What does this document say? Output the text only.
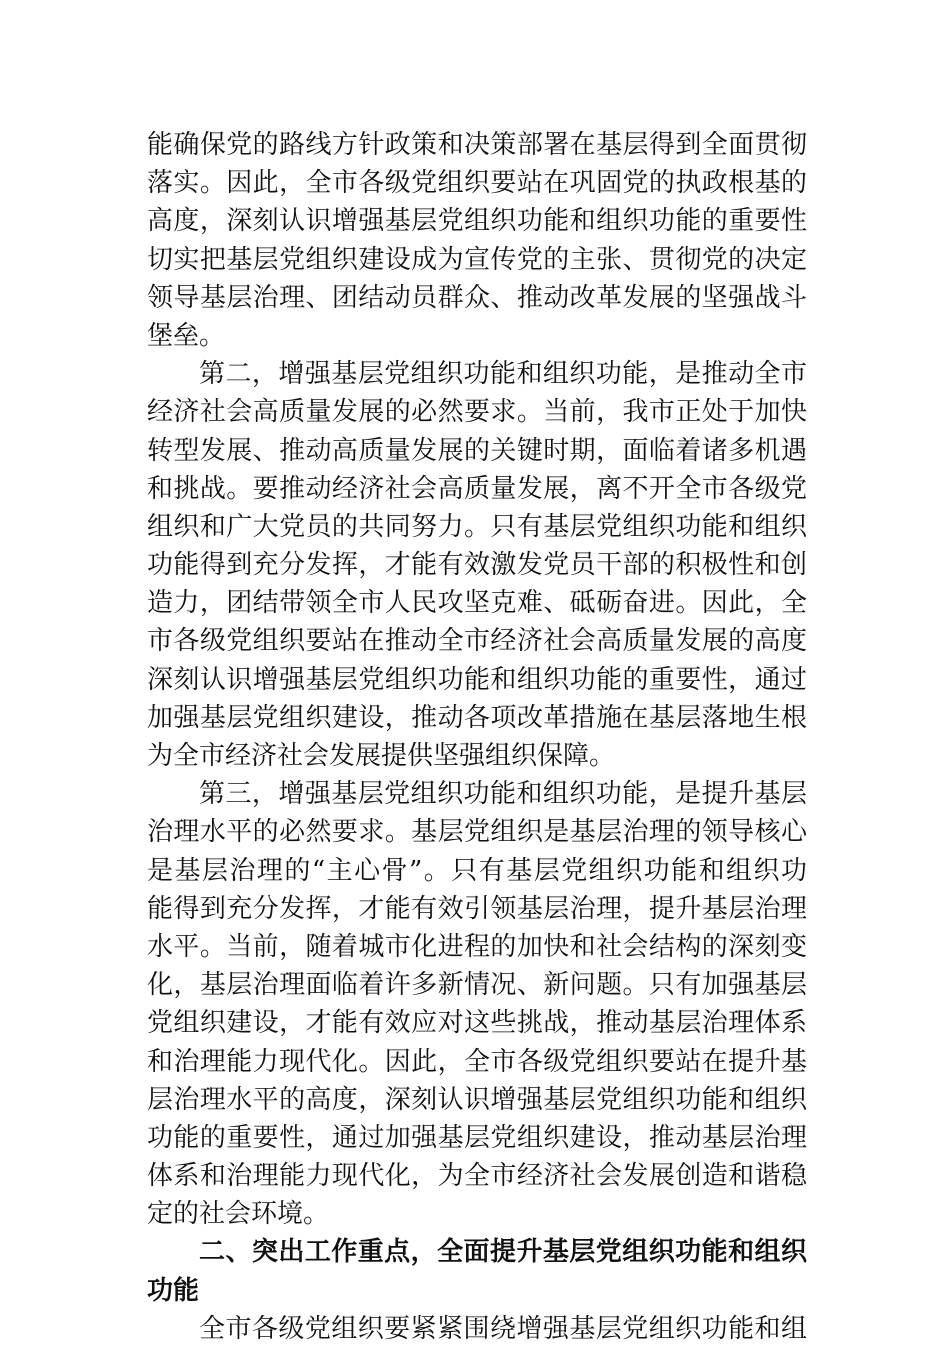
能确保党的路线方针政策和决策部署在基层得到全面贯彻
落实。因此，全市各级党组织要站在巩固党的执政根基的
高度，深刻认识增强基层党组织功能和组织功能的重要性
切实把基层党组织建设成为宣传党的主张、贯彻党的决定
领导基层治理、团结动员群众、推动改革发展的坚强战斗
堡垒。
第二，增强基层党组织功能和组织功能，是推动全市
经济社会高质量发展的必然要求。当前，我市正处于加快
转型发展、推动高质量发展的关键时期，面临着诸多机遇
和挑战。要推动经济社会高质量发展，离不开全市各级党
组织和广大党员的共同努力。只有基层党组织功能和组织
功能得到充分发挥，才能有效激发党员干部的积极性和创
造力，团结带领全市人民攻坚克难、砥砺奋进。因此，全
市各级党组织要站在推动全市经济社会高质量发展的高度
深刻认识增强基层党组织功能和组织功能的重要性，通过
加强基层党组织建设，推动各项改革措施在基层落地生根
为全市经济社会发展提供坚强组织保障。
第三，增强基层党组织功能和组织功能，是提升基层
治理水平的必然要求。基层党组织是基层治理的领导核心
是基层治理的“主心骨”。只有基层党组织功能和组织功
能得到充分发挥，才能有效引领基层治理，提升基层治理
水平。当前，随着城市化进程的加快和社会结构的深刻变
化，基层治理面临着许多新情况、新问题。只有加强基层
党组织建设，才能有效应对这些挑战，推动基层治理体系
和治理能力现代化。因此，全市各级党组织要站在提升基
层治理水平的高度，深刻认识增强基层党组织功能和组织
功能的重要性，通过加强基层党组织建设，推动基层治理
体系和治理能力现代化，为全市经济社会发展创造和谐稳
定的社会环境。
二、突出工作重点，全面提升基层党组织功能和组织
功能
全市各级党组织要紧紧围绕增强基层党组织功能和组
